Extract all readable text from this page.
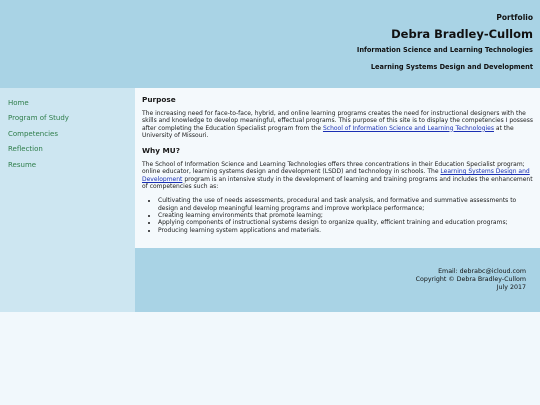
Portfolio
Debra Bradley-Cullom
Information Science and Learning Technologies
Learning Systems Design and Development
Home
Program of Study
Competencies
Reflection
Resume
Purpose

The increasing need for face-to-face, hybrid, and online learning programs creates the need for instructional designers with the skills and knowledge to develop meaningful, effectual programs. This purpose of this site is to display the competencies I possess after completing the Education Specialist program from the School of Information Science and Learning Technologies at the University of Missouri.

Why MU?

The School of Information Science and Learning Technologies offers three concentrations in their Education Specialist program; online educator, learning systems design and development (LSDD) and technology in schools. The Learning Systems Design and Development program is an intensive study in the development of learning and training programs and includes the enhancement of competencies such as:

• Cultivating the use of needs assessments, procedural and task analysis, and formative and summative assessments to design and develop meaningful learning programs and improve workplace performance;
• Creating learning environments that promote learning;
• Applying components of instructional systems design to organize quality, efficient training and education programs;
• Producing learning system applications and materials.
Email: debrabc@icloud.com
Copyright © Debra Bradley-Cullom
July 2017
